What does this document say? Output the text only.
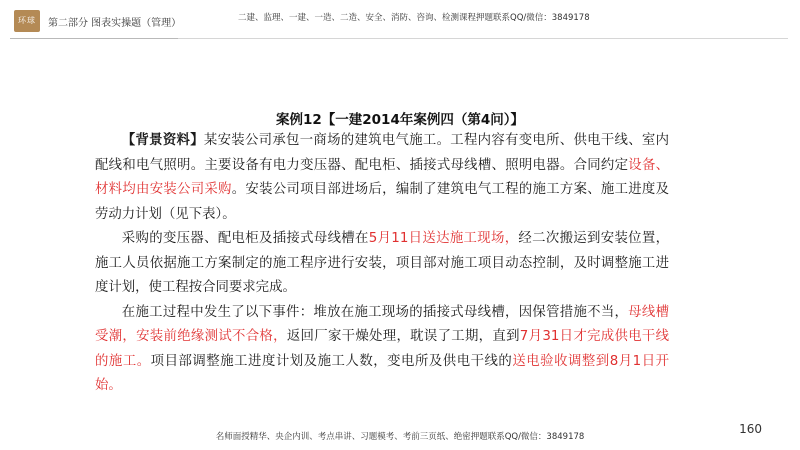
环球	第二部分 图表实操题（管理）	二建、监理、一建、一造、二造、安全、消防、咨询、检测课程押题联系QQ/微信：3849178
案例12【一建2014年案例四（第4问）】

【背景资料】某安装公司承包一商场的建筑电气施工。工程内容有变电所、供电干线、室内配线和电气照明。主要设备有电力变压器、配电柜、插接式母线槽、照明电器。合同约定设备、材料均由安装公司采购。安装公司项目部进场后，编制了建筑电气工程的施工方案、施工进度及劳动力计划（见下表）。

采购的变压器、配电柜及插接式母线槽在5月11日送达施工现场，经二次搬运到安装位置，施工人员依据施工方案制定的施工程序进行安装，项目部对施工项目动态控制，及时调整施工进度计划，使工程按合同要求完成。

在施工过程中发生了以下事件：堆放在施工现场的插接式母线槽，因保管措施不当，母线槽受潮，安装前绝缘测试不合格，返回厂家干燥处理，耽误了工期，直到7月31日才完成供电干线的施工。项目部调整施工进度计划及施工人数，变电所及供电干线的送电验收调整到8月1日开始。

160
名师面授精华、央企内训、考点串讲、习题模考、考前三页纸、绝密押题联系QQ/微信：3849178
